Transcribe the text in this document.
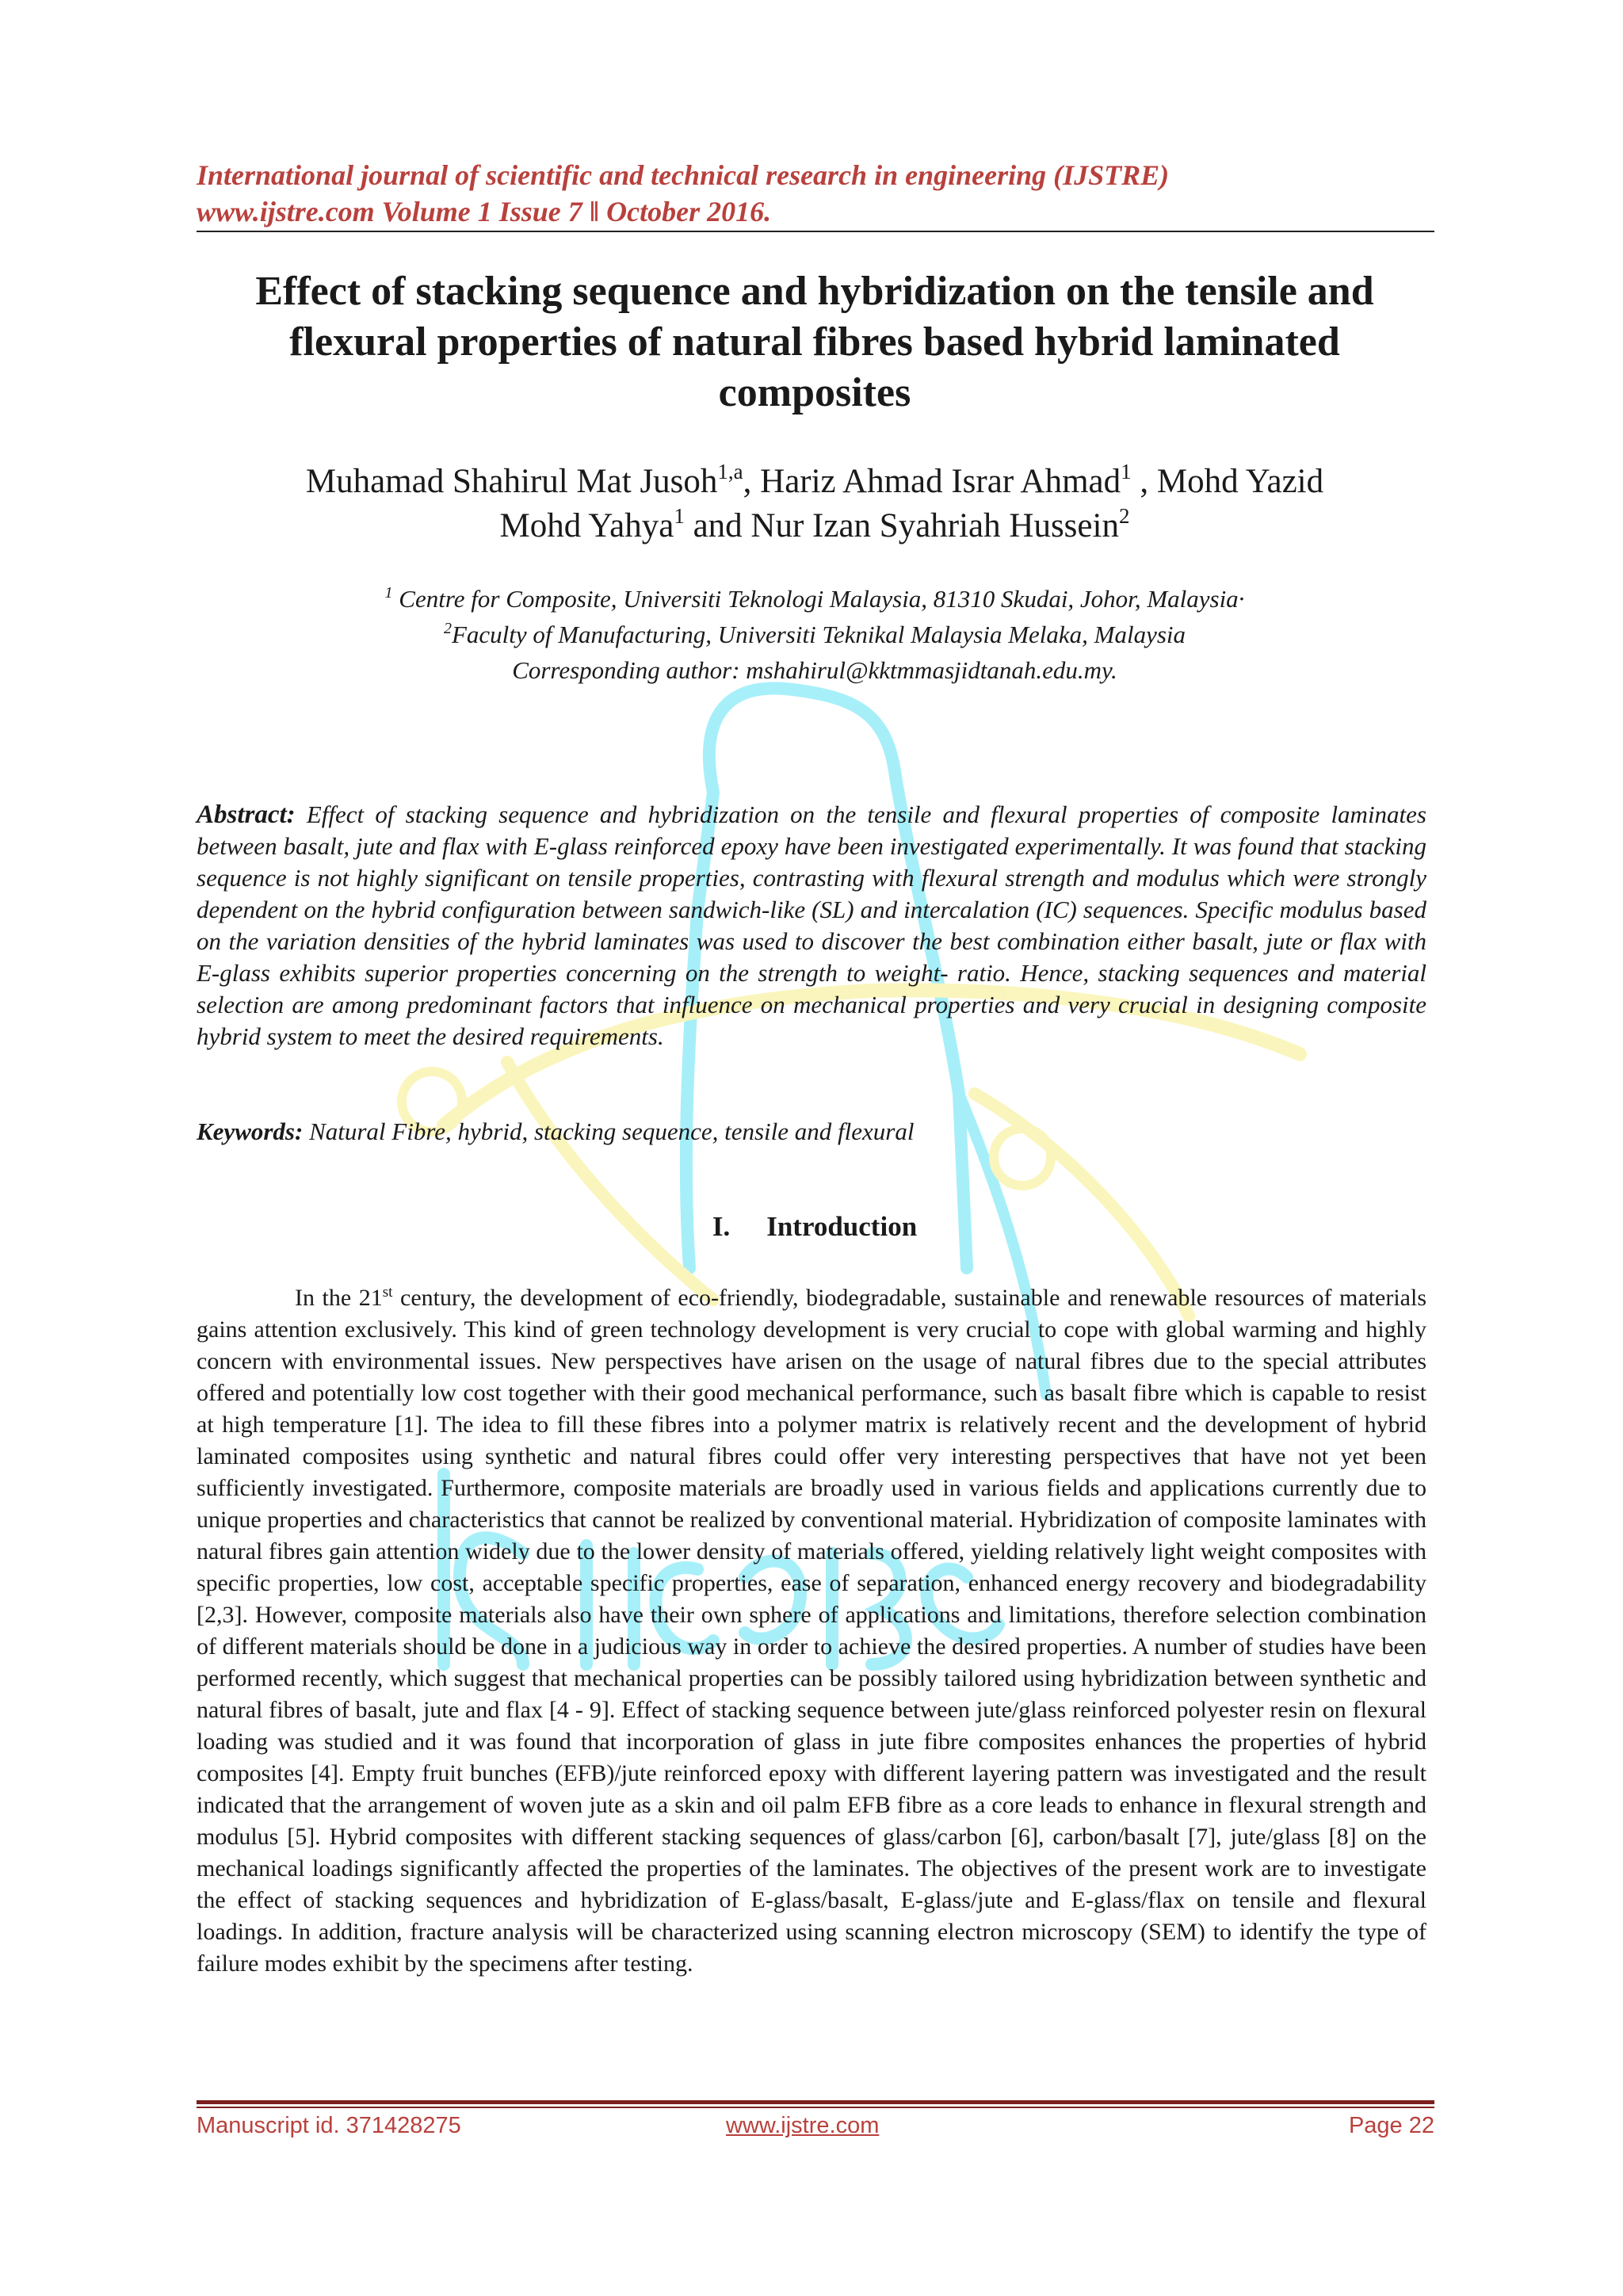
International journal of scientific and technical research in engineering (IJSTRE)
www.ijstre.com Volume 1 Issue 7 ǁ October 2016.
Effect of stacking sequence and hybridization on the tensile and
flexural properties of natural fibres based hybrid laminated
composites
Muhamad Shahirul Mat Jusoh$^{1,a}$, Hariz Ahmad Israr Ahmad$^1$ , Mohd Yazid
Mohd Yahya$^1$ and Nur Izan Syahriah Hussein$^2$
$^1$ Centre for Composite, Universiti Teknologi Malaysia, 81310 Skudai, Johor, Malaysia·
$^2$Faculty of Manufacturing, Universiti Teknikal Malaysia Melaka, Malaysia
Corresponding author: mshahirul@kktmmasjidtanah.edu.my.
Abstract: Effect of stacking sequence and hybridization on the tensile and flexural properties of composite laminates between basalt, jute and flax with E-glass reinforced epoxy have been investigated experimentally. It was found that stacking sequence is not highly significant on tensile properties, contrasting with flexural strength and modulus which were strongly dependent on the hybrid configuration between sandwich-like (SL) and intercalation (IC) sequences. Specific modulus based on the variation densities of the hybrid laminates was used to discover the best combination either basalt, jute or flax with E-glass exhibits superior properties concerning on the strength to weight- ratio. Hence, stacking sequences and material selection are among predominant factors that influence on mechanical properties and very crucial in designing composite hybrid system to meet the desired requirements.
Keywords: Natural Fibre, hybrid, stacking sequence, tensile and flexural
I. Introduction
In the 21st century, the development of eco-friendly, biodegradable, sustainable and renewable resources of materials gains attention exclusively. This kind of green technology development is very crucial to cope with global warming and highly concern with environmental issues. New perspectives have arisen on the usage of natural fibres due to the special attributes offered and potentially low cost together with their good mechanical performance, such as basalt fibre which is capable to resist at high temperature [1]. The idea to fill these fibres into a polymer matrix is relatively recent and the development of hybrid laminated composites using synthetic and natural fibres could offer very interesting perspectives that have not yet been sufficiently investigated. Furthermore, composite materials are broadly used in various fields and applications currently due to unique properties and characteristics that cannot be realized by conventional material. Hybridization of composite laminates with natural fibres gain attention widely due to the lower density of materials offered, yielding relatively light weight composites with specific properties, low cost, acceptable specific properties, ease of separation, enhanced energy recovery and biodegradability [2,3]. However, composite materials also have their own sphere of applications and limitations, therefore selection combination of different materials should be done in a judicious way in order to achieve the desired properties. A number of studies have been performed recently, which suggest that mechanical properties can be possibly tailored using hybridization between synthetic and natural fibres of basalt, jute and flax [4 - 9]. Effect of stacking sequence between jute/glass reinforced polyester resin on flexural loading was studied and it was found that incorporation of glass in jute fibre composites enhances the properties of hybrid composites [4]. Empty fruit bunches (EFB)/jute reinforced epoxy with different layering pattern was investigated and the result indicated that the arrangement of woven jute as a skin and oil palm EFB fibre as a core leads to enhance in flexural strength and modulus [5]. Hybrid composites with different stacking sequences of glass/carbon [6], carbon/basalt [7], jute/glass [8] on the mechanical loadings significantly affected the properties of the laminates. The objectives of the present work are to investigate the effect of stacking sequences and hybridization of E-glass/basalt, E-glass/jute and E-glass/flax on tensile and flexural loadings. In addition, fracture analysis will be characterized using scanning electron microscopy (SEM) to identify the type of failure modes exhibit by the specimens after testing.
Manuscript id. 371428275	www.ijstre.com	Page 22
